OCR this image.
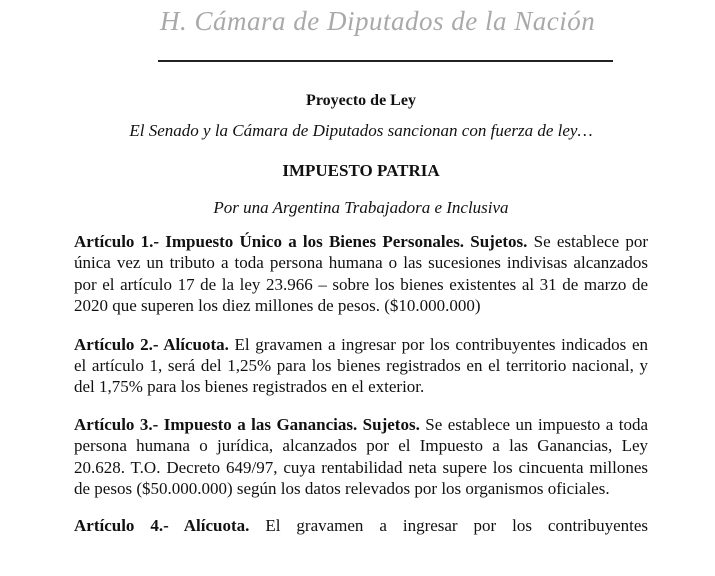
H. Cámara de Diputados de la Nación

Proyecto de Ley

El Senado y la Cámara de Diputados sancionan con fuerza de ley…

IMPUESTO PATRIA

Por una Argentina Trabajadora e Inclusiva

Artículo 1.- Impuesto Único a los Bienes Personales. Sujetos. Se establece por única vez un tributo a toda persona humana o las sucesiones indivisas alcanzados por el artículo 17 de la ley 23.966 – sobre los bienes existentes al 31 de marzo de 2020 que superen los diez millones de pesos. ($10.000.000)

Artículo 2.- Alícuota. El gravamen a ingresar por los contribuyentes indicados en el artículo 1, será del 1,25% para los bienes registrados en el territorio nacional, y del 1,75% para los bienes registrados en el exterior.

Artículo 3.- Impuesto a las Ganancias. Sujetos. Se establece un impuesto a toda persona humana o jurídica, alcanzados por el Impuesto a las Ganancias, Ley 20.628. T.O. Decreto 649/97, cuya rentabilidad neta supere los cincuenta millones de pesos ($50.000.000) según los datos relevados por los organismos oficiales.

Artículo 4.- Alícuota. El gravamen a ingresar por los contribuyentes
